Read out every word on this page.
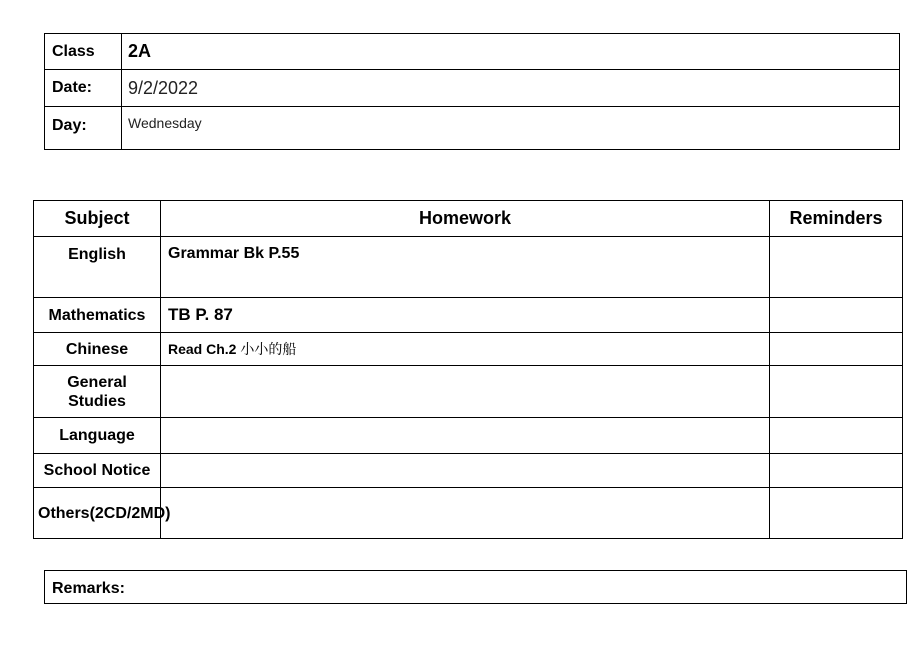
Class	2A
Date:	9/2/2022
Day:	Wednesday
Subject	Homework	Reminders
English	Grammar Bk P.55	
Mathematics	TB P. 87	
Chinese	Read Ch.2 小小的船	
General Studies		
Language		
School Notice		
Others(2CD/2MD)		
Remarks:
